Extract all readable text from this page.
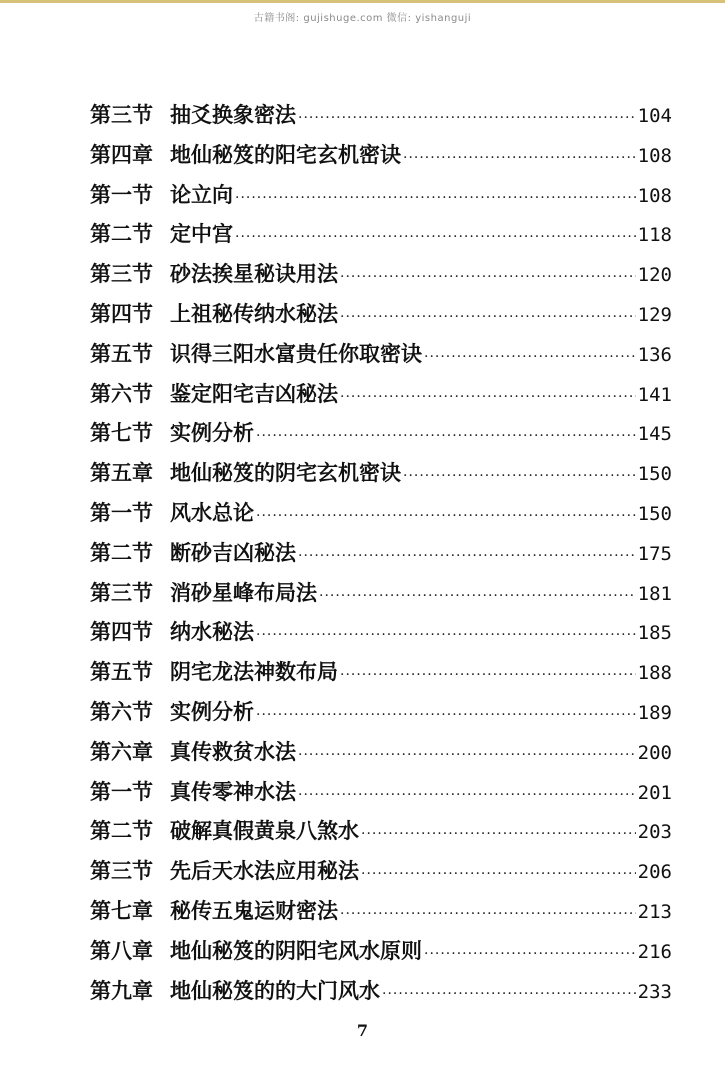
古籍书阁: gujishuge.com 微信: yishanguji
第三节 抽爻换象密法 ·····	104
第四章 地仙秘笈的阳宅玄机密诀 ·····	108
第一节 论立向 ·····	108
第二节 定中宫 ·····	118
第三节 砂法挨星秘诀用法 ·····	120
第四节 上祖秘传纳水秘法 ·····	129
第五节 识得三阳水富贵任你取密诀 ·····	136
第六节 鉴定阳宅吉凶秘法 ·····	141
第七节 实例分析 ·····	145
第五章 地仙秘笈的阴宅玄机密诀 ·····	150
第一节 风水总论 ·····	150
第二节 断砂吉凶秘法 ·····	175
第三节 消砂星峰布局法 ·····	181
第四节 纳水秘法 ·····	185
第五节 阴宅龙法神数布局 ·····	188
第六节 实例分析 ·····	189
第六章 真传救贫水法 ·····	200
第一节 真传零神水法 ·····	201
第二节 破解真假黄泉八煞水 ·····	203
第三节 先后天水法应用秘法 ·····	206
第七章 秘传五鬼运财密法 ·····	213
第八章 地仙秘笈的阴阳宅风水原则 ·····	216
第九章 地仙秘笈的的大门风水 ·····	233
7
